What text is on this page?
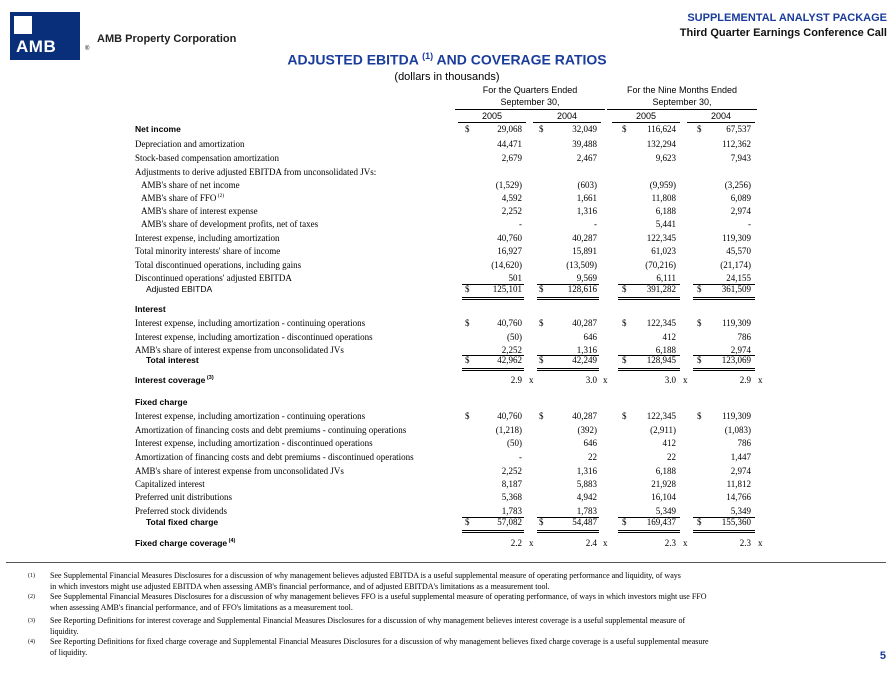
AMB	®
AMB Property Corporation
SUPPLEMENTAL ANALYST PACKAGE
Third Quarter Earnings Conference Call
ADJUSTED EBITDA $^{(1)}$ AND COVERAGE RATIOS
(dollars in thousands)
For the Quarters Ended
September 30,
For the Nine Months Ended
September 30,
2005	2004	2005	2004
Net income	$	29,068 $	32,049	$	116,624 $	67,537
Depreciation and amortization	44,471	39,488	132,294	112,362
Stock-based compensation amortization	2,679	2,467	9,623	7,943
Adjustments to derive adjusted EBITDA from unconsolidated JVs:
AMB's share of net income	(1,529)	(603)	(9,959)	(3,256)
AMB's share of FFO $^{(2)}$	4,592	1,661	11,808	6,089
AMB's share of interest expense	2,252	1,316	6,188	2,974
AMB's share of development profits, net of taxes	-	-	5,441	-
Interest expense, including amortization	40,760	40,287	122,345	119,309
Total minority interests' share of income	16,927	15,891	61,023	45,570
Total discontinued operations, including gains	(14,620)	(13,509)	(70,216)	(21,174)
Discontinued operations' adjusted EBITDA	501	9,569	6,111	24,155
Adjusted EBITDA	$	125,101 $	128,616	$	391,282 $	361,509
Interest
Interest expense, including amortization - continuing operations	$	40,760 $	40,287	$	122,345 $	119,309
Interest expense, including amortization - discontinued operations	(50)	646	412	786
AMB's share of interest expense from unconsolidated JVs	2,252	1,316	6,188	2,974
Total interest	$	42,962 $	42,249	$	128,945 $	123,069
Interest coverage $^{(3)}$	2.9 x	3.0 x	3.0 x	2.9 x
Fixed charge
Interest expense, including amortization - continuing operations	$	40,760 $	40,287	$	122,345 $	119,309
Amortization of financing costs and debt premiums - continuing operations	(1,218)	(392)	(2,911)	(1,083)
Interest expense, including amortization - discontinued operations	(50)	646	412	786
Amortization of financing costs and debt premiums - discontinued operations	-	22	22	1,447
AMB's share of interest expense from unconsolidated JVs	2,252	1,316	6,188	2,974
Capitalized interest	8,187	5,883	21,928	11,812
Preferred unit distributions	5,368	4,942	16,104	14,766
Preferred stock dividends	1,783	1,783	5,349	5,349
Total fixed charge	$	57,082 $	54,487	$	169,437 $	155,360
Fixed charge coverage $^{(4)}$	2.2 x	2.4 x	2.3 x	2.3 x
(1) See Supplemental Financial Measures Disclosures for a discussion of why management believes adjusted EBITDA is a useful supplemental measure of operating performance and liquidity, of ways
in which investors might use adjusted EBITDA when assessing AMB's financial performance, and of adjusted EBITDA's limitations as a measurement tool.
(2) See Supplemental Financial Measures Disclosures for a discussion of why management believes FFO is a useful supplemental measure of operating performance, of ways in which investors might use FFO
when assessing AMB's financial performance, and of FFO's limitations as a measurement tool.
(3) See Reporting Definitions for interest coverage and Supplemental Financial Measures Disclosures for a discussion of why management believes interest coverage is a useful supplemental measure of
liquidity.
(4) See Reporting Definitions for fixed charge coverage and Supplemental Financial Measures Disclosures for a discussion of why management believes fixed charge coverage is a useful supplemental measure
of liquidity.	5
